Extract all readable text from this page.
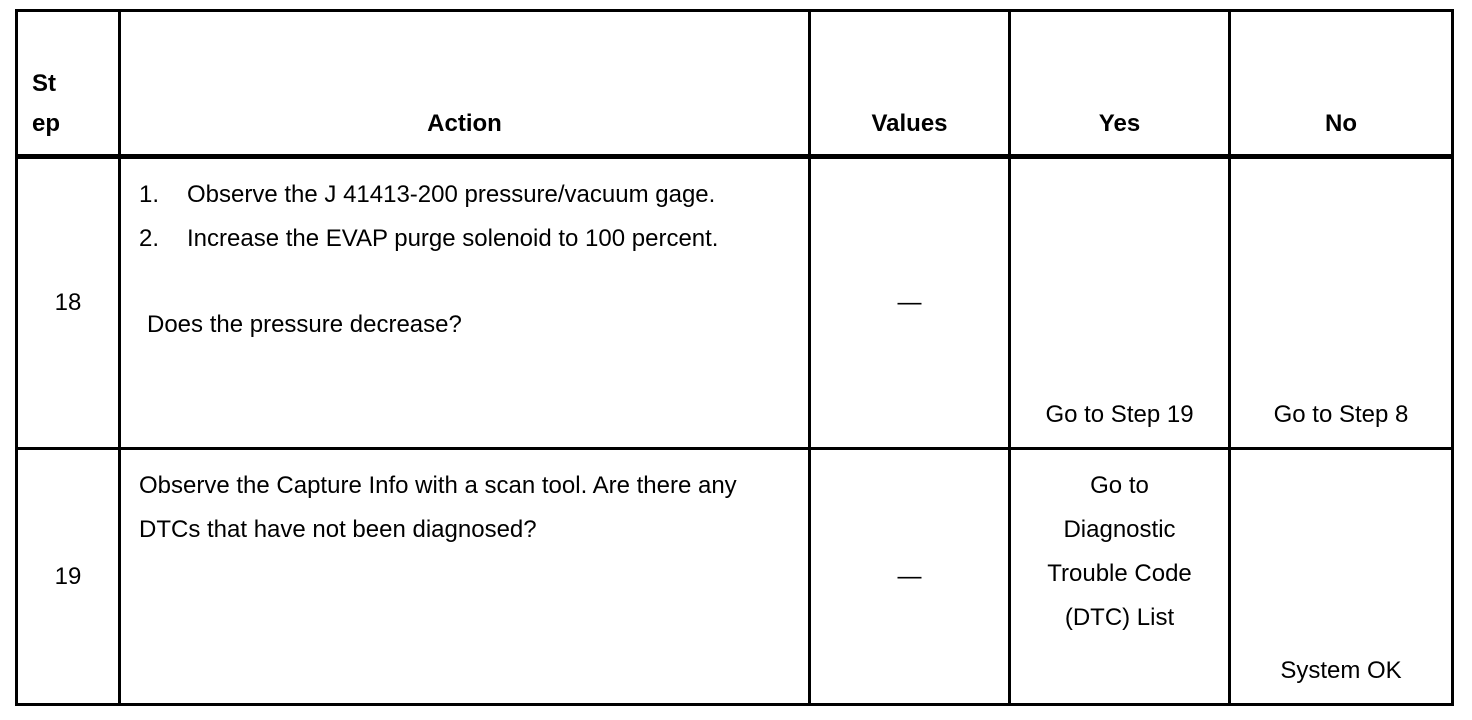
St ep	Action	Values	Yes	No
18	1. Observe the J 41413-200 pressure/vacuum gage.
2. Increase the EVAP purge solenoid to 100 percent.
Does the pressure decrease?	—	Go to Step 19	Go to Step 8
19	Observe the Capture Info with a scan tool. Are there any DTCs that have not been diagnosed?	—	Go to Diagnostic Trouble Code (DTC) List	System OK
